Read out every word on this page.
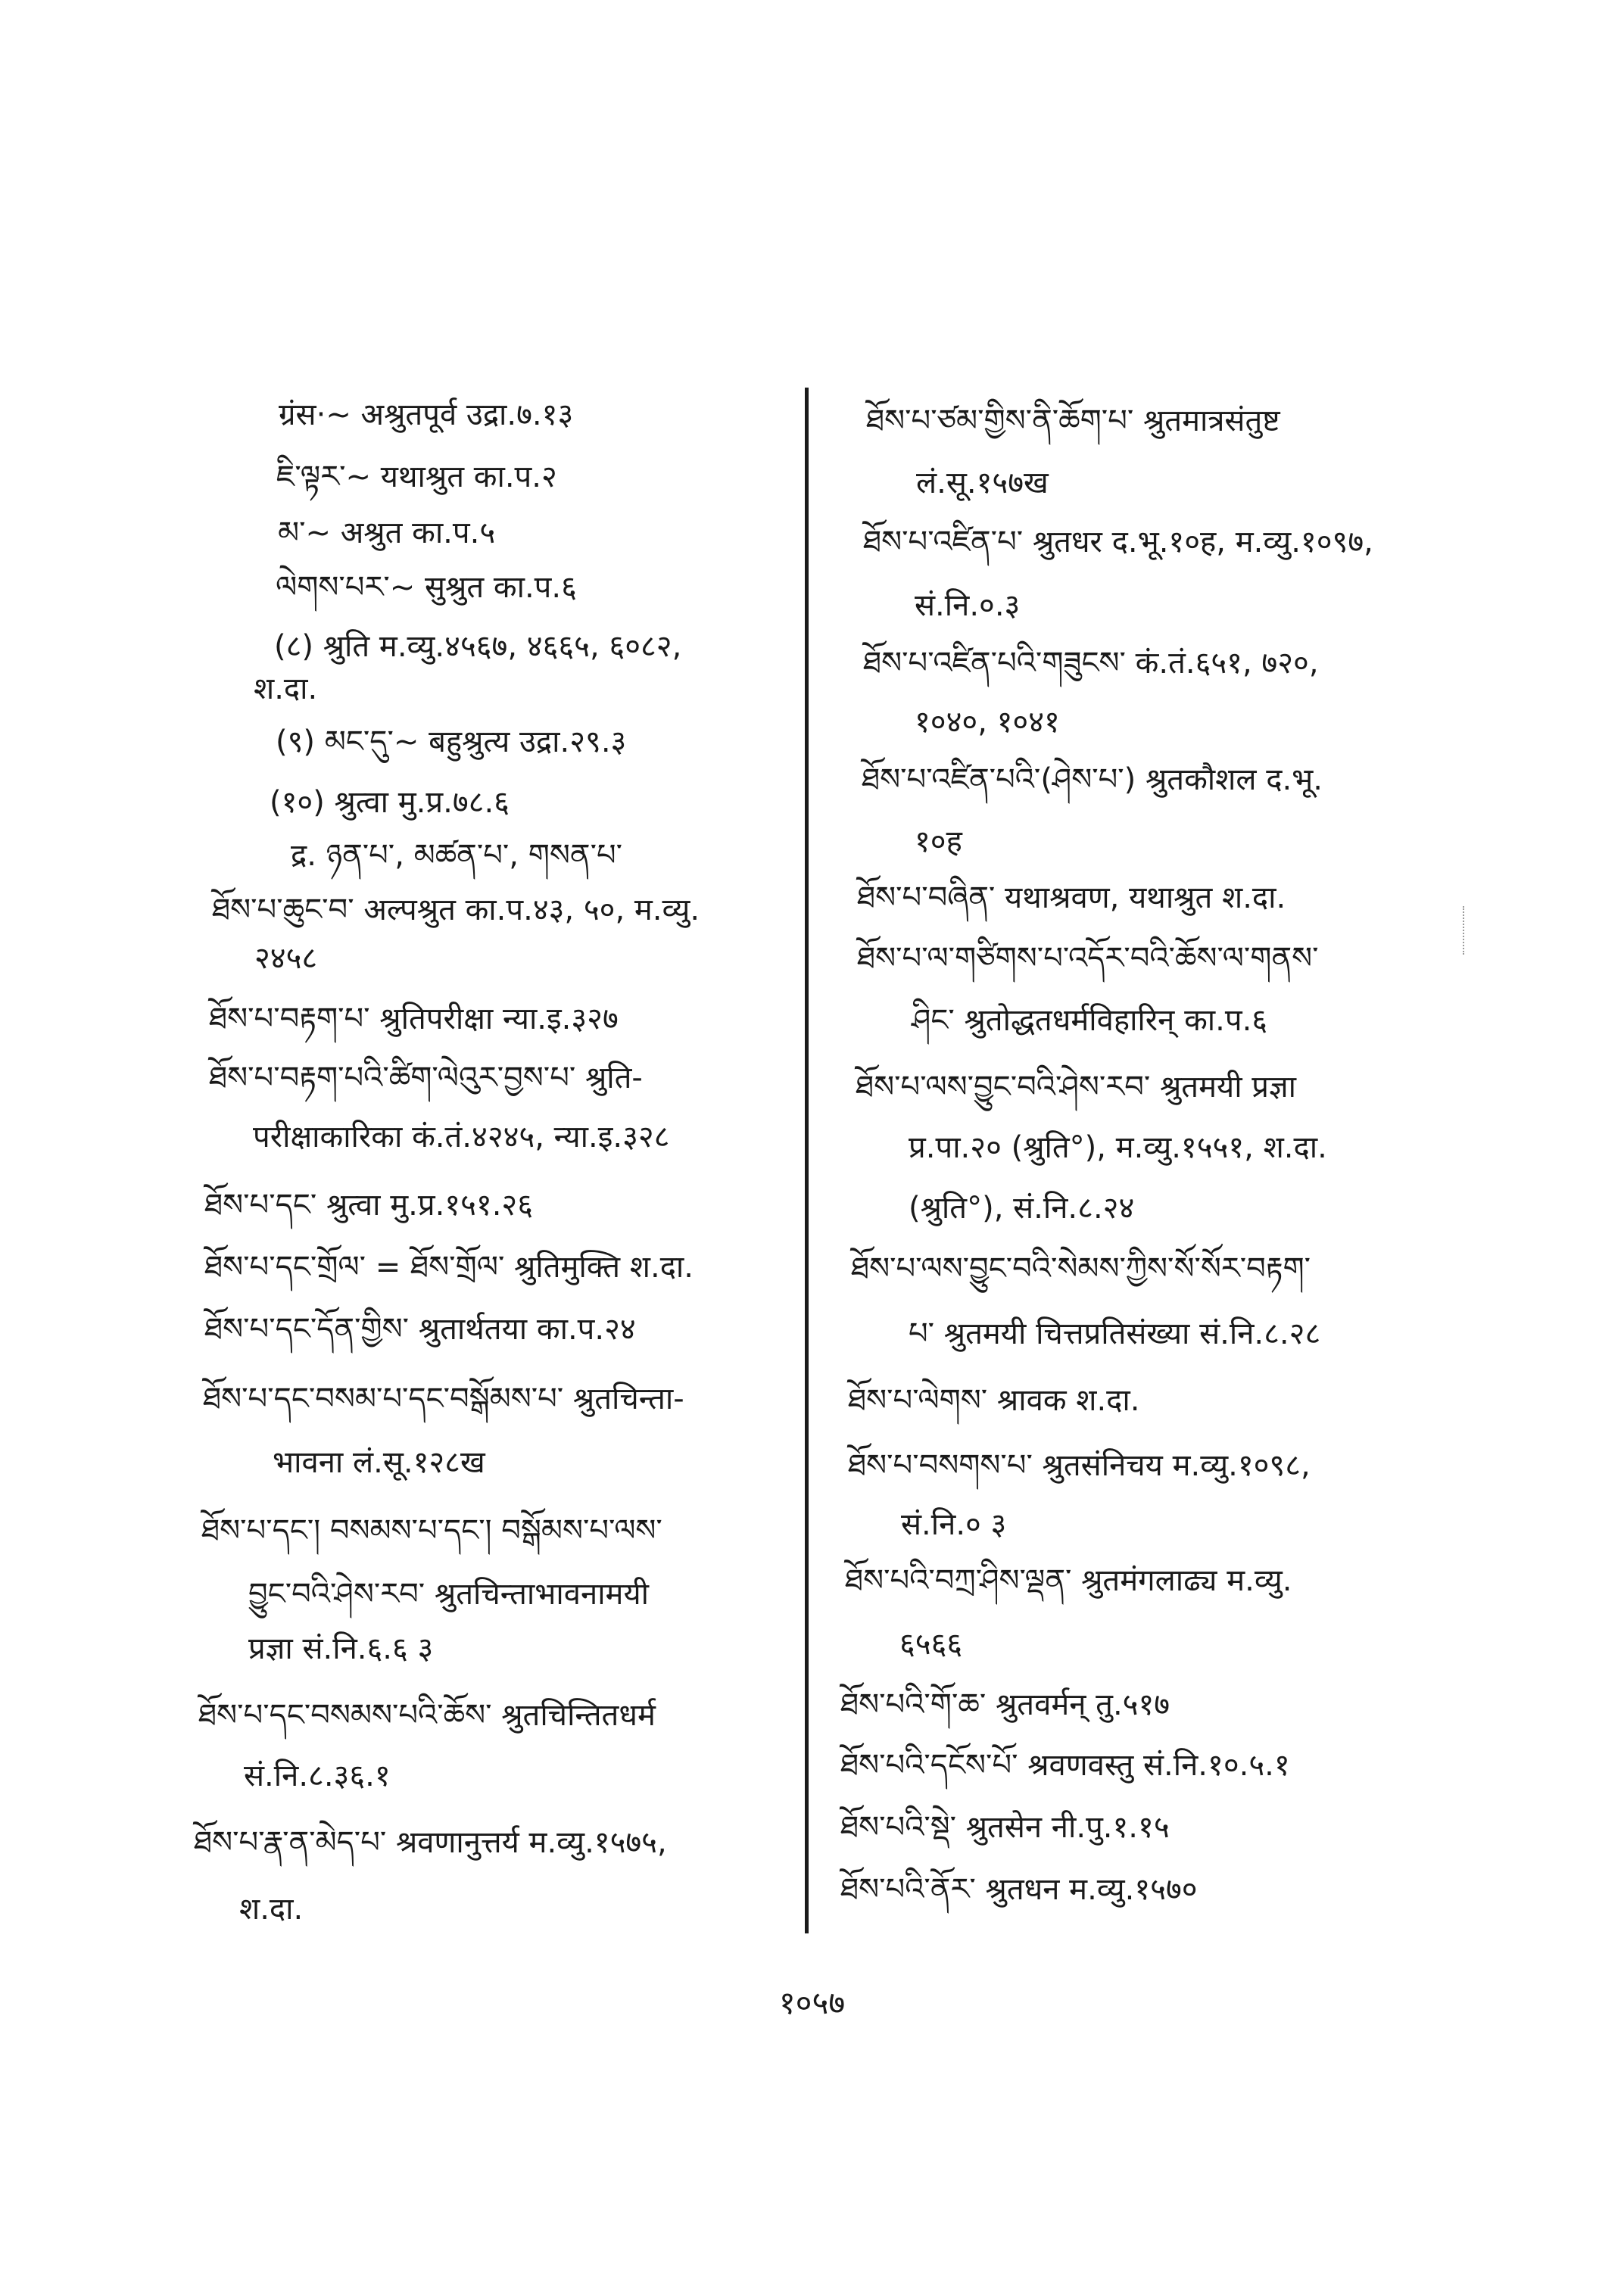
ग्रंस·~ अश्रुतपूर्व उद्रा.७.१३
ཇི་ལྟར་~ यथाश्रुत का.प.२
མ་~ अश्रुत का.प.५
ལེགས་པར་~ सुश्रुत का.प.६
(८) श्रुति म.व्यु.४५६७, ४६६५, ६०८२,
श.दा.
(९) མང་དུ་~ बहुश्रुत्य उद्रा.२९.३
(१०) श्रुत्वा मु.प्र.७८.६
द्र. ཉན་པ་, མཚན་པ་, གསན་པ་
ཐོས་པ་ཆུང་བ་ अल्पश्रुत का.प.४३, ५०, म.व्यु.
२४५८
ཐོས་པ་བརྟག་པ་ श्रुतिपरीक्षा न्या.इ.३२७
ཐོས་པ་བརྟག་པའི་ཚིག་ལེའུར་བྱས་པ་ श्रुति-
परीक्षाकारिका कं.तं.४२४५, न्या.इ.३२८
ཐོས་པ་དང་ श्रुत्वा मु.प्र.१५१.२६
ཐོས་པ་དང་གྲོལ་ = ཐོས་གྲོལ་ श्रुतिमुक्ति श.दा.
ཐོས་པ་དང་དོན་གྱིས་ श्रुतार्थतया का.प.२४
ཐོས་པ་དང་བསམ་པ་དང་བསྒོམས་པ་ श्रुतचिन्ता-
भावना लं.सू.१२८ख
ཐོས་པ་དང་། བསམས་པ་དང་། བསྒོམས་པ་ལས་
བྱུང་བའི་ཤེས་རབ་ श्रुतचिन्ताभावनामयी
प्रज्ञा सं.नि.६.६ ३
ཐོས་པ་དང་བསམས་པའི་ཆོས་ श्रुतचिन्तितधर्म
सं.नि.८.३६.१
ཐོས་པ་རྣ་ན་མེད་པ་ श्रवणानुत्तर्य म.व्यु.१५७५,
श.दा.
ཐོས་པ་ཙམ་གྱིས་ནི་ཆོག་པ་ श्रुतमात्रसंतुष्ट
लं.सू.१५७ख
ཐོས་པ་འཛིན་པ་ श्रुतधर द.भू.१०ह, म.व्यु.१०९७,
सं.नि.०.३
ཐོས་པ་འཛིན་པའི་གཟུངས་ कं.तं.६५१, ७२०,
१०४०, १०४१
ཐོས་པ་འཛིན་པའི་(ཤེས་པ་) श्रुतकौशल द.भू.
१०ह
ཐོས་པ་བཞིན་ यथाश्रवण, यथाश्रुत श.दा.
ཐོས་པ་ལ་གཙིགས་པ་འདོར་བའི་ཆོས་ལ་གནས་
ཤིང་ श्रुतोद्धतधर्मविहारिन् का.प.६
ཐོས་པ་ལས་བྱུང་བའི་ཤེས་རབ་ श्रुतमयी प्रज्ञा
प्र.पा.२० (श्रुति°), म.व्यु.१५५१, श.दा.
(श्रुति°), सं.नि.८.२४
ཐོས་པ་ལས་བྱུང་བའི་སེམས་ཀྱིས་སོ་སོར་བརྟག་
པ་ श्रुतमयी चित्तप्रतिसंख्या सं.नि.८.२८
ཐོས་པ་ལེགས་ श्रावक श.दा.
ཐོས་པ་བསགས་པ་ श्रुतसंनिचय म.व्यु.१०९८,
सं.नि.० ३
ཐོས་པའི་བཀྲ་ཤིས་ལྡན་ श्रुतमंगलाढ्य म.व्यु.
६५६६
ཐོས་པའི་གོ་ཆ་ श्रुतवर्मन् तु.५१७
ཐོས་པའི་དངོས་པོ་ श्रवणवस्तु सं.नि.१०.५.१
ཐོས་པའི་སྡེ་ श्रुतसेन नी.पु.१.१५
ཐོས་པའི་ནོར་ श्रुतधन म.व्यु.१५७०
१०५७
